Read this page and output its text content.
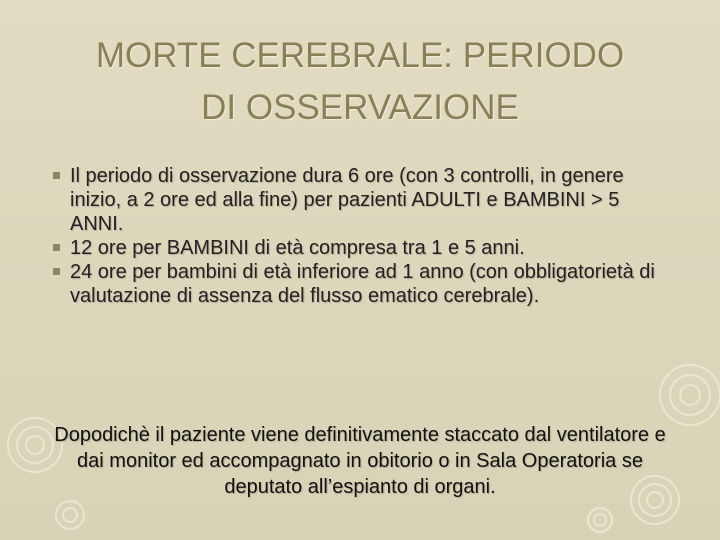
MORTE CEREBRALE: PERIODO
DI OSSERVAZIONE
Il periodo di osservazione dura 6 ore (con 3 controlli, in genere inizio, a 2 ore ed alla fine) per pazienti ADULTI e BAMBINI > 5 ANNI.
12 ore per BAMBINI di età compresa tra 1 e 5 anni.
24 ore per bambini di età inferiore ad 1 anno (con obbligatorietà di valutazione di assenza del flusso ematico cerebrale).

Dopodichè il paziente viene definitivamente staccato dal ventilatore e dai monitor ed accompagnato in obitorio o in Sala Operatoria se deputato all’espianto di organi.
